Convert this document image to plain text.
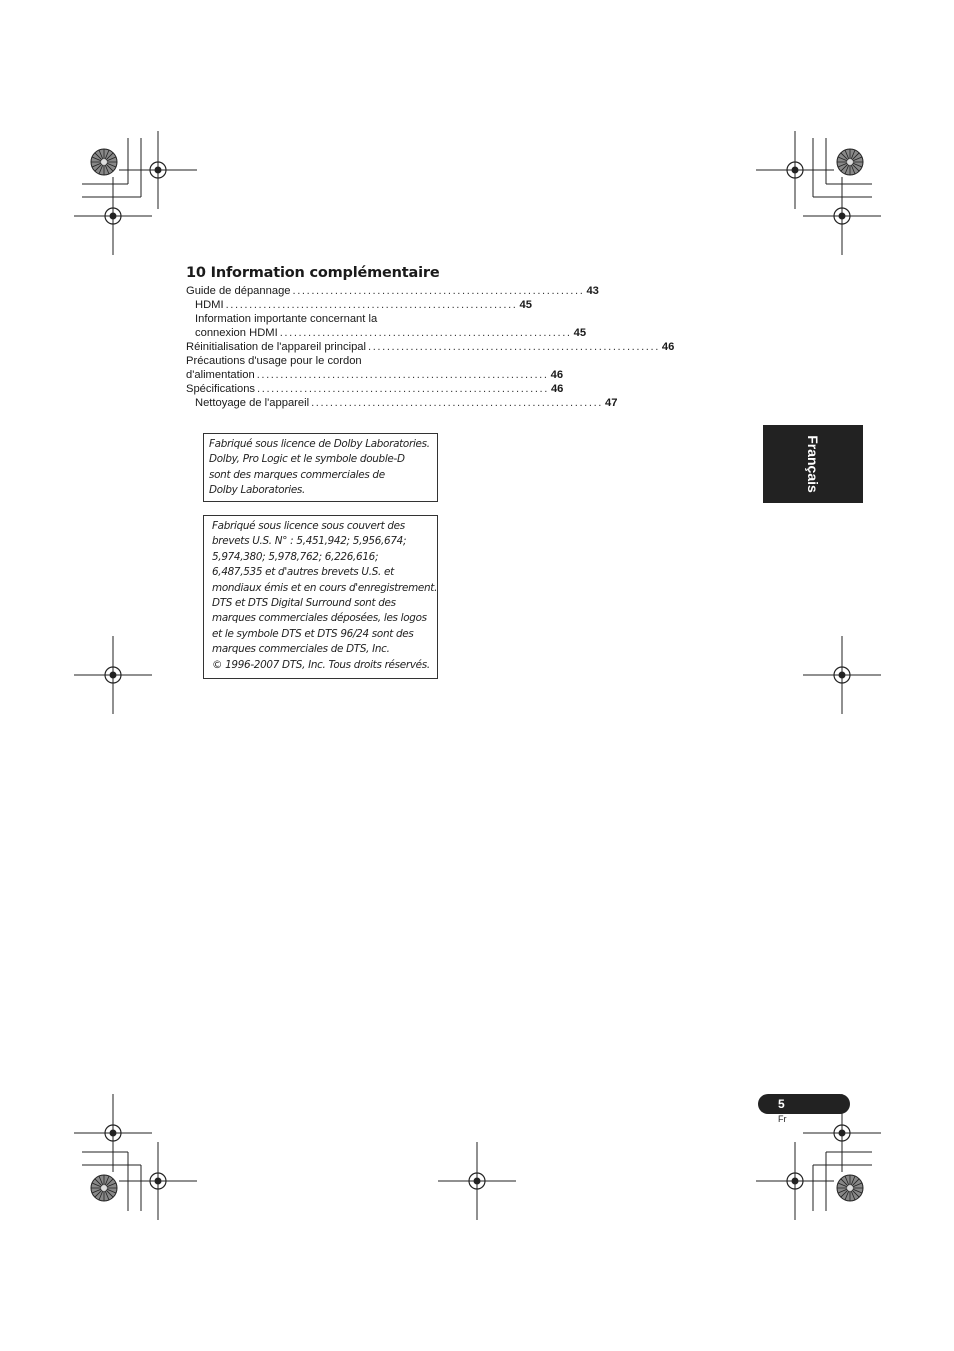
10 Information complémentaire
Guide de dépannage .............................................................. 43
HDMI .............................................................. 45
Information importante concernant la
connexion HDMI .............................................................. 45
Réinitialisation de l'appareil principal .............................................................. 46
Précautions d'usage pour le cordon
d'alimentation .............................................................. 46
Spécifications .............................................................. 46
Nettoyage de l'appareil .............................................................. 47
Fabriqué sous licence de Dolby Laboratories.
Dolby, Pro Logic et le symbole double-D
sont des marques commerciales de
Dolby Laboratories.
Fabriqué sous licence sous couvert des
brevets U.S. N° : 5,451,942; 5,956,674;
5,974,380; 5,978,762; 6,226,616;
6,487,535 et d'autres brevets U.S. et
mondiaux émis et en cours d'enregistrement.
DTS et DTS Digital Surround sont des
marques commerciales déposées, les logos
et le symbole DTS et DTS 96/24 sont des
marques commerciales de DTS, Inc.
© 1996-2007 DTS, Inc. Tous droits réservés.
Français
5
Fr
